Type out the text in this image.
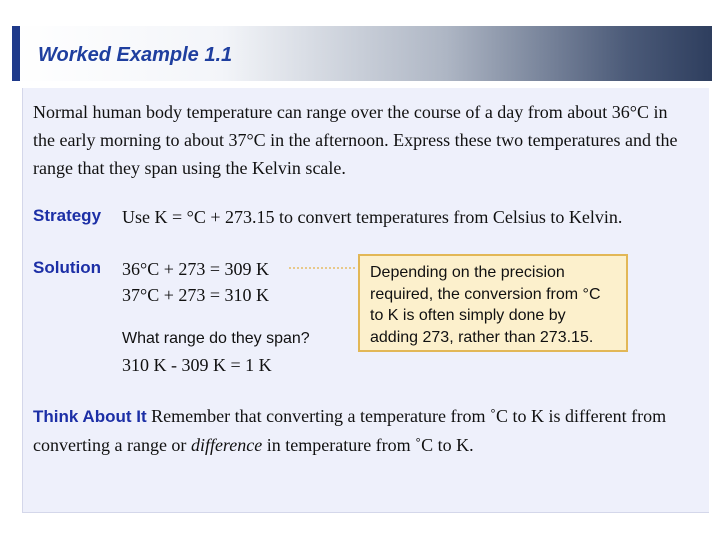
Worked Example 1.1
Normal human body temperature can range over the course of a day from about 36°C in the early morning to about 37°C in the afternoon. Express these two temperatures and the range that they span using the Kelvin scale.
Strategy Use K = °C + 273.15 to convert temperatures from Celsius to Kelvin.
Solution 36°C + 273 = 309 K
37°C + 273 = 310 K
What range do they span?
310 K - 309 K = 1 K
Depending on the precision required, the conversion from °C to K is often simply done by adding 273, rather than 273.15.
Think About It Remember that converting a temperature from ˚C to K is different from converting a range or difference in temperature from ˚C to K.
